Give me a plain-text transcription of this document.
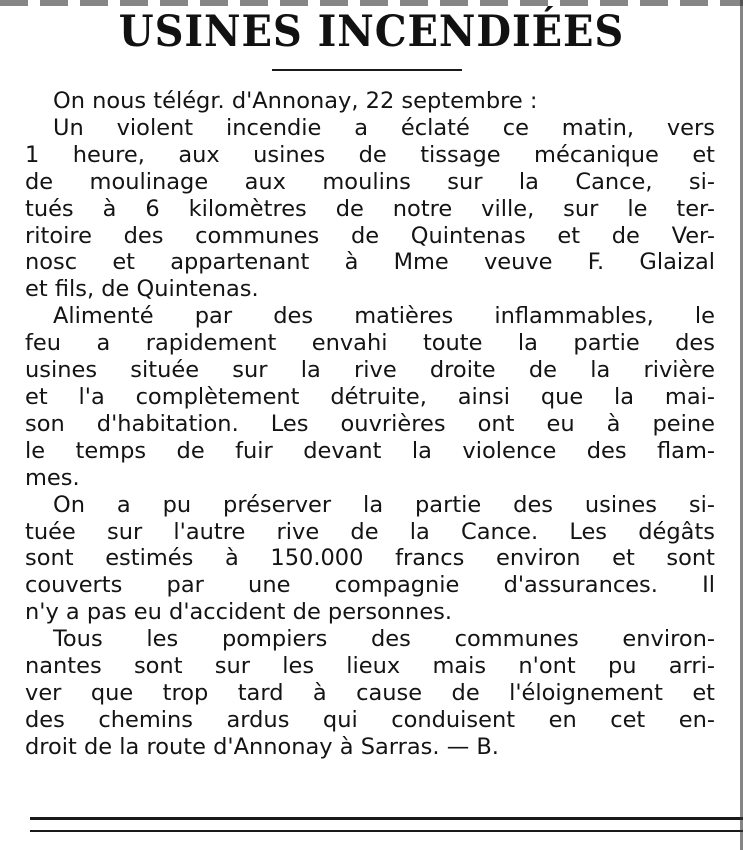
USINES INCENDIÉES
On nous télégr. d'Annonay, 22 septembre :
Un violent incendie a éclaté ce matin, vers
1 heure, aux usines de tissage mécanique et
de moulinage aux moulins sur la Cance, si-
tués à 6 kilomètres de notre ville, sur le ter-
ritoire des communes de Quintenas et de Ver-
nosc et appartenant à Mme veuve F. Glaizal
et fils, de Quintenas.
Alimenté par des matières inflammables, le
feu a rapidement envahi toute la partie des
usines située sur la rive droite de la rivière
et l'a complètement détruite, ainsi que la mai-
son d'habitation. Les ouvrières ont eu à peine
le temps de fuir devant la violence des flam-
mes.
On a pu préserver la partie des usines si-
tuée sur l'autre rive de la Cance. Les dégâts
sont estimés à 150.000 francs environ et sont
couverts par une compagnie d'assurances. Il
n'y a pas eu d'accident de personnes.
Tous les pompiers des communes environ-
nantes sont sur les lieux mais n'ont pu arri-
ver que trop tard à cause de l'éloignement et
des chemins ardus qui conduisent en cet en-
droit de la route d'Annonay à Sarras. — B.
